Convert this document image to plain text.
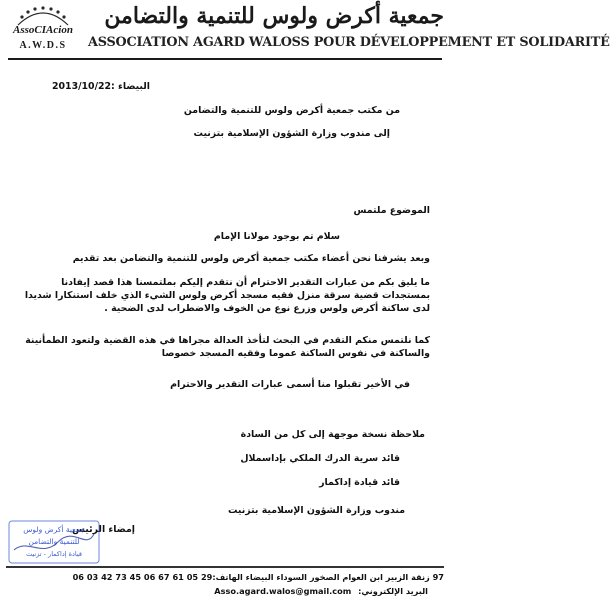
AssoCIAcion
A.W.D.S
جمعية أكرض ولوس للتنمية والتضامن
ASSOCIATION AGARD WALOSS POUR DÉVELOPPEMENT ET SOLIDARITÉ
البيضاء :2013/10/22
من مكتب جمعية أكرض ولوس للتنمية والتضامن
إلى مندوب وزارة الشؤون الإسلامية بتزنيت
الموضوع ملتمس
سلام تم بوجود مولانا الإمام
وبعد يشرفنا نحن أعضاء مكتب جمعية أكرض ولوس للتنمية والتضامن بعد تقديم
ما يليق بكم من عبارات التقدير الاحترام أن نتقدم إليكم بملتمسنا هذا قصد إيفادنا بمستجدات قضية سرقة منزل فقيه مسجد أكرض ولوس الشيء الذي خلف استنكارا شديدا لدى ساكنة أكرض ولوس وزرع نوع من الخوف والاضطراب لدى الضحية .
كما نلتمس منكم التقدم في البحث لتأخذ العدالة مجراها في هذه القضية ولتعود الطمأنينة والساكنة في نفوس الساكنة عموما وفقيه المسجد خصوصا
في الأخير تقبلوا منا أسمى عبارات التقدير والاحترام
ملاحظة نسخة موجهة إلى كل من السادة
قائد سرية الدرك الملكي بإداسملال
قائد قيادة إداكمار
مندوب وزارة الشؤون الإسلامية بتزنيت
إمضاء الرئيس
جمعية أكرض ولوس
للتنمية والتضامن
قيادة إداكمار - تزنيت
97 زنقة الزبير ابن العوام الصخور السوداء البيضاء الهاتف:29 05 61 67 06 45 73 42 03 06
Asso.agard.walos@gmail.com البريد الإلكتروني:
